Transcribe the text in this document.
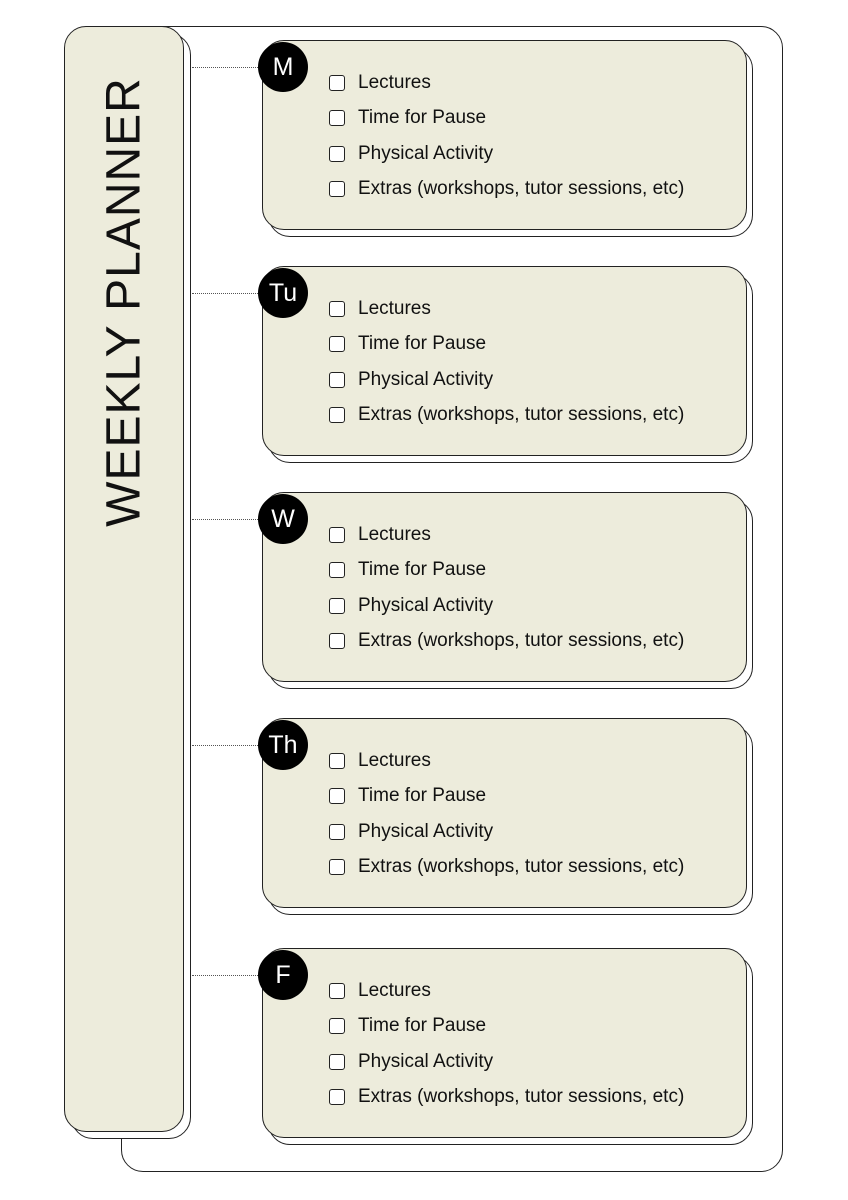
WEEKLY PLANNER	Lectures
Time for Pause
Physical Activity
Extras (workshops, tutor sessions, etc)
M
Lectures
Time for Pause
Physical Activity
Extras (workshops, tutor sessions, etc)
Tu
Lectures
Time for Pause
Physical Activity
Extras (workshops, tutor sessions, etc)
W
Lectures
Time for Pause
Physical Activity
Extras (workshops, tutor sessions, etc)
Th
Lectures
Time for Pause
Physical Activity
Extras (workshops, tutor sessions, etc)
F
